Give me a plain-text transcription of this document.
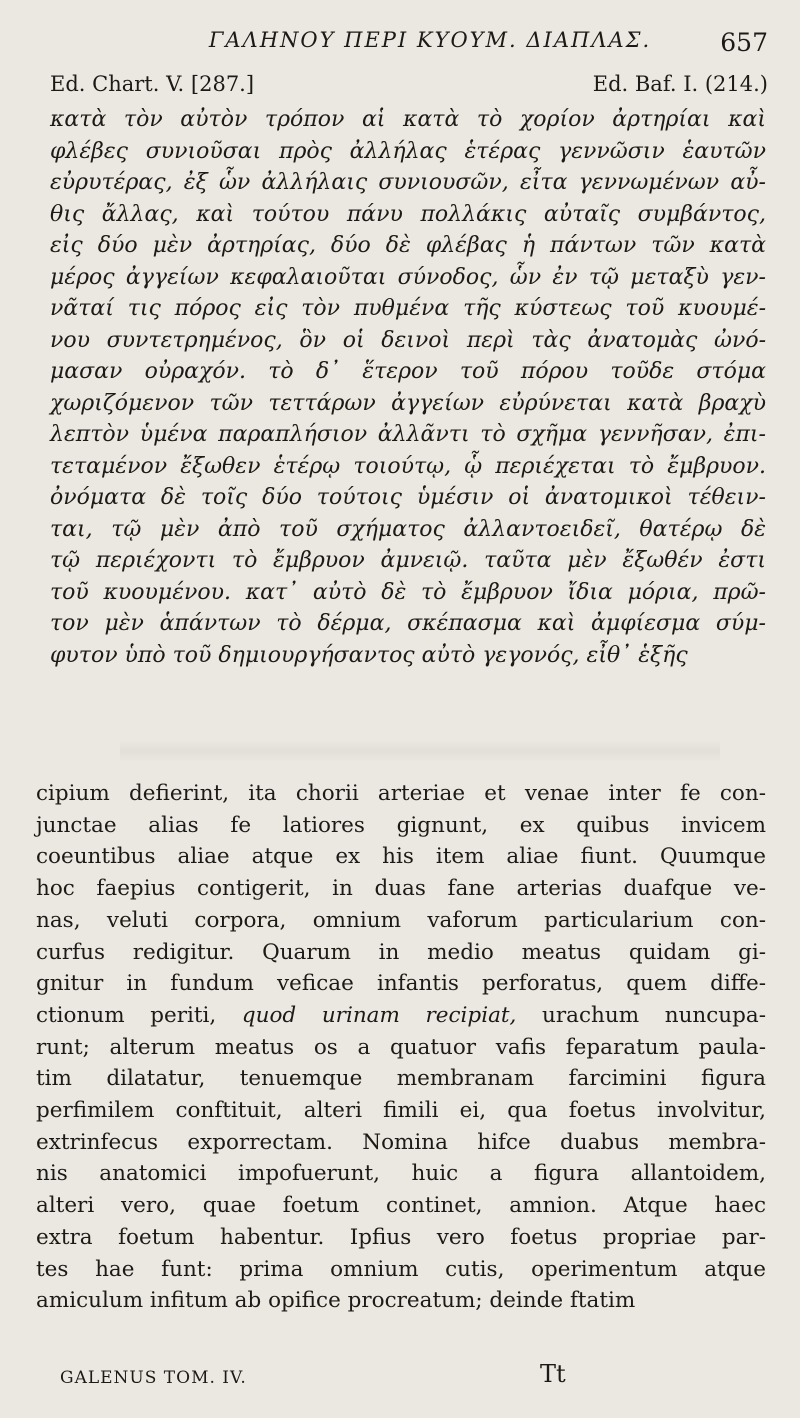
ΓΑΛΗΝΟΥ ΠΕΡΙ ΚΥΟΥΜ. ΔΙΑΠΛΑΣ.	657
Ed. Chart. V. [287.]	Ed. Baf. I. (214.)
κατὰ τὸν αὐτὸν τρόπον αἱ κατὰ τὸ χορίον ἀρτηρίαι καὶ
φλέβες συνιοῦσαι πρὸς ἀλλήλας ἑτέρας γεννῶσιν ἑαυτῶν
εὐρυτέρας, ἐξ ὧν ἀλλήλαις συνιουσῶν, εἶτα γεννωμένων αὖ-
θις ἄλλας, καὶ τούτου πάνυ πολλάκις αὐταῖς συμβάντος,
εἰς δύο μὲν ἀρτηρίας, δύο δὲ φλέβας ἡ πάντων τῶν κατὰ
μέρος ἀγγείων κεφαλαιοῦται σύνοδος, ὧν ἐν τῷ μεταξὺ γεν-
νᾶταί τις πόρος εἰς τὸν πυθμένα τῆς κύστεως τοῦ κυουμέ-
νου συντετρημένος, ὃν οἱ δεινοὶ περὶ τὰς ἀνατομὰς ὠνό-
μασαν οὐραχόν. τὸ δ᾽ ἕτερον τοῦ πόρου τοῦδε στόμα
χωριζόμενον τῶν τεττάρων ἀγγείων εὐρύνεται κατὰ βραχὺ
λεπτὸν ὑμένα παραπλήσιον ἀλλᾶντι τὸ σχῆμα γεννῆσαν, ἐπι-
τεταμένον ἔξωθεν ἑτέρῳ τοιούτῳ, ᾧ περιέχεται τὸ ἔμβρυον.
ὀνόματα δὲ τοῖς δύο τούτοις ὑμέσιν οἱ ἀνατομικοὶ τέθειν-
ται, τῷ μὲν ἀπὸ τοῦ σχήματος ἀλλαντοειδεῖ, θατέρῳ δὲ
τῷ περιέχοντι τὸ ἔμβρυον ἀμνειῷ. ταῦτα μὲν ἔξωθέν ἐστι
τοῦ κυουμένου. κατ᾽ αὐτὸ δὲ τὸ ἔμβρυον ἴδια μόρια, πρῶ-
τον μὲν ἁπάντων τὸ δέρμα, σκέπασμα καὶ ἀμφίεσμα σύμ-
φυτον ὑπὸ τοῦ δημιουργήσαντος αὐτὸ γεγονός, εἶθ᾽ ἑξῆς
cipium defierint, ita chorii arteriae et venae inter fe con-
junctae alias fe latiores gignunt, ex quibus invicem
coeuntibus aliae atque ex his item aliae fiunt. Quumque
hoc faepius contigerit, in duas fane arterias duafque ve-
nas, veluti corpora, omnium vaforum particularium con-
curfus redigitur. Quarum in medio meatus quidam gi-
gnitur in fundum veficae infantis perforatus, quem diffe-
ctionum periti, quod urinam recipiat, urachum nuncupa-
runt; alterum meatus os a quatuor vafis feparatum paula-
tim dilatatur, tenuemque membranam farcimini figura
perfimilem conftituit, alteri fimili ei, qua foetus involvitur,
extrinfecus exporrectam. Nomina hifce duabus membra-
nis anatomici impofuerunt, huic a figura allantoidem,
alteri vero, quae foetum continet, amnion. Atque haec
extra foetum habentur. Ipfius vero foetus propriae par-
tes hae funt: prima omnium cutis, operimentum atque
amiculum infitum ab opifice procreatum; deinde ftatim
GALENUS TOM. IV.	Tt
